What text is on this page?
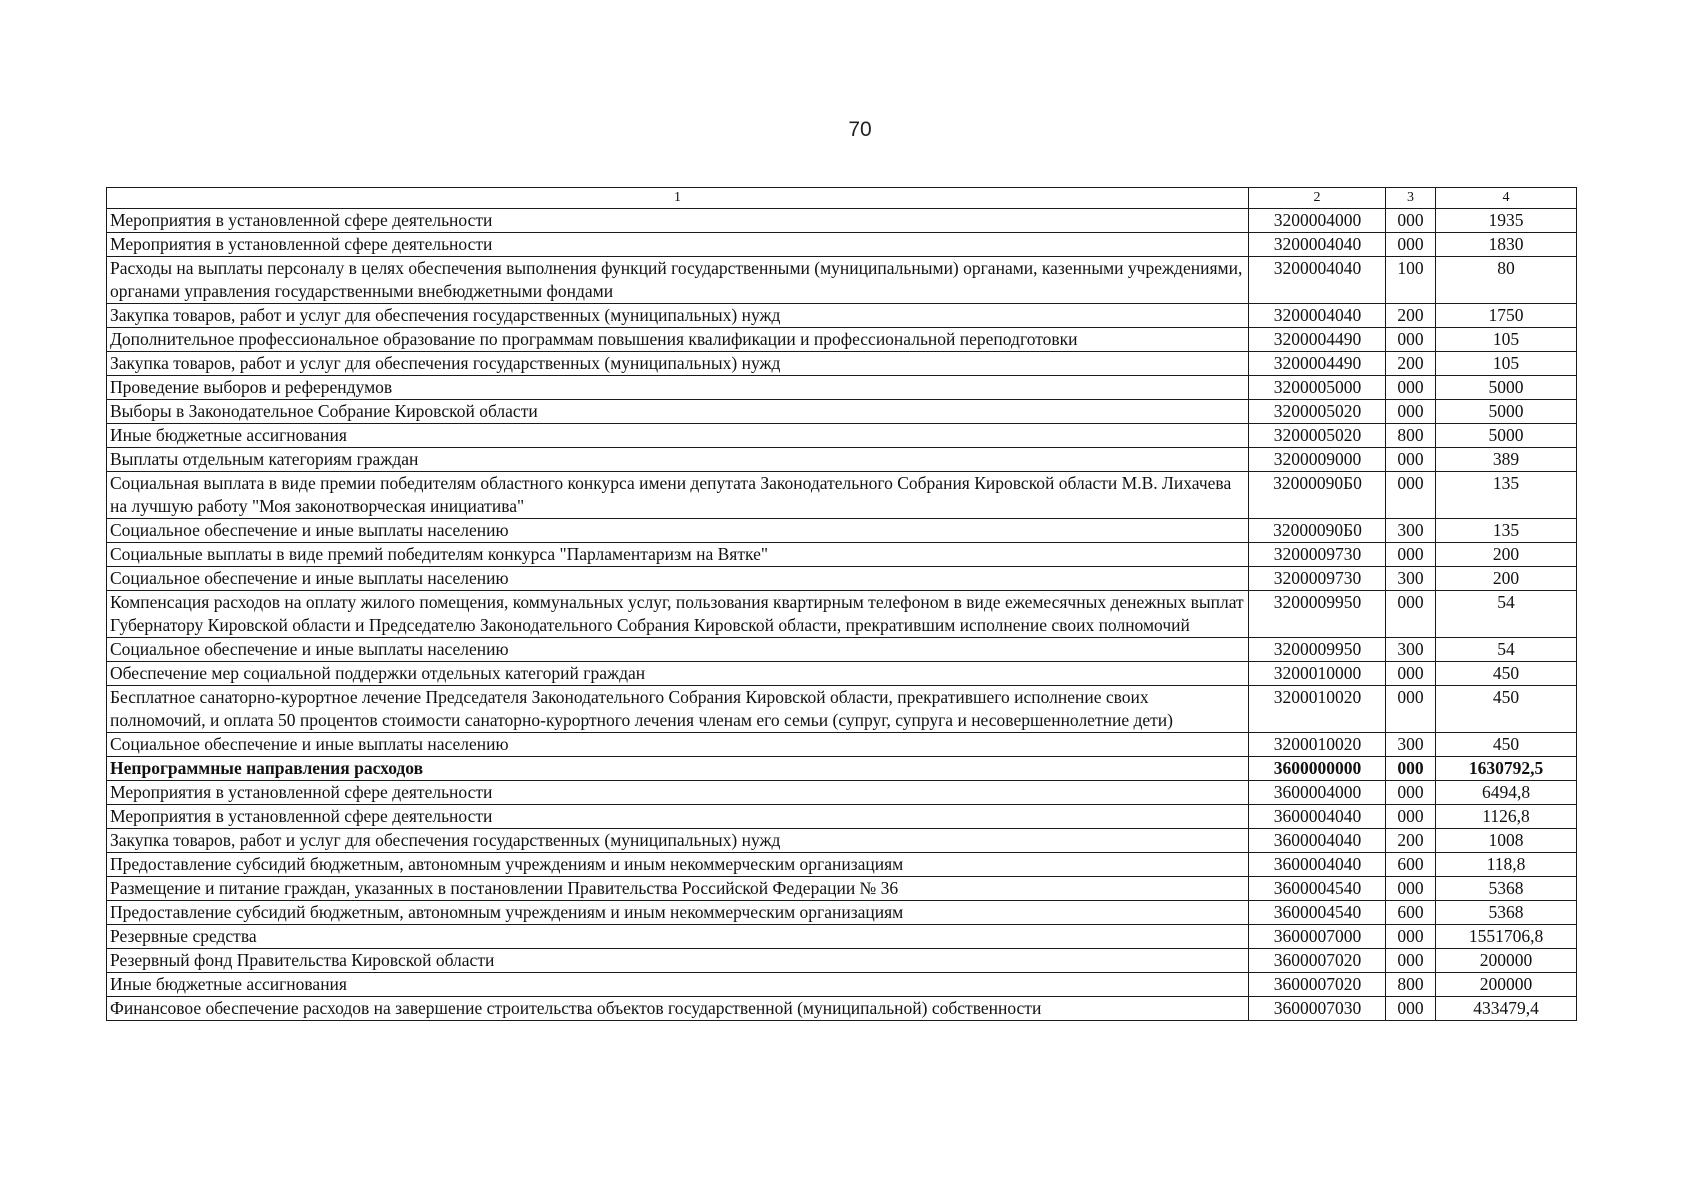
70
1	2	3	4
Мероприятия в установленной сфере деятельности	3200004000	000	1935
Мероприятия в установленной сфере деятельности	3200004040	000	1830
Расходы на выплаты персоналу в целях обеспечения выполнения функций государственными (муниципальными) органами, казенными учреждениями, органами управления государственными внебюджетными фондами	3200004040	100	80
Закупка товаров, работ и услуг для обеспечения государственных (муниципальных) нужд	3200004040	200	1750
Дополнительное профессиональное образование по программам повышения квалификации и профессиональной переподготовки	3200004490	000	105
Закупка товаров, работ и услуг для обеспечения государственных (муниципальных) нужд	3200004490	200	105
Проведение выборов и референдумов	3200005000	000	5000
Выборы в Законодательное Собрание Кировской области	3200005020	000	5000
Иные бюджетные ассигнования	3200005020	800	5000
Выплаты отдельным категориям граждан	3200009000	000	389
Социальная выплата в виде премии победителям областного конкурса имени депутата Законодательного Собрания Кировской области М.В. Лихачева на лучшую работу "Моя законотворческая инициатива"	32000090Б0	000	135
Социальное обеспечение и иные выплаты населению	32000090Б0	300	135
Социальные выплаты в виде премий победителям конкурса "Парламентаризм на Вятке"	3200009730	000	200
Социальное обеспечение и иные выплаты населению	3200009730	300	200
Компенсация расходов на оплату жилого помещения, коммунальных услуг, пользования квартирным телефоном в виде ежемесячных денежных выплат Губернатору Кировской области и Председателю Законодательного Собрания Кировской области, прекратившим исполнение своих полномочий	3200009950	000	54
Социальное обеспечение и иные выплаты населению	3200009950	300	54
Обеспечение мер социальной поддержки отдельных категорий граждан	3200010000	000	450
Бесплатное санаторно-курортное лечение Председателя Законодательного Собрания Кировской области, прекратившего исполнение своих полномочий, и оплата 50 процентов стоимости санаторно-курортного лечения членам его семьи (супруг, супруга и несовершеннолетние дети)	3200010020	000	450
Социальное обеспечение и иные выплаты населению	3200010020	300	450
Непрограммные направления расходов	3600000000	000	1630792,5
Мероприятия в установленной сфере деятельности	3600004000	000	6494,8
Мероприятия в установленной сфере деятельности	3600004040	000	1126,8
Закупка товаров, работ и услуг для обеспечения государственных (муниципальных) нужд	3600004040	200	1008
Предоставление субсидий бюджетным, автономным учреждениям и иным некоммерческим организациям	3600004040	600	118,8
Размещение и питание граждан, указанных в постановлении Правительства Российской Федерации № 36	3600004540	000	5368
Предоставление субсидий бюджетным, автономным учреждениям и иным некоммерческим организациям	3600004540	600	5368
Резервные средства	3600007000	000	1551706,8
Резервный фонд Правительства Кировской области	3600007020	000	200000
Иные бюджетные ассигнования	3600007020	800	200000
Финансовое обеспечение расходов на завершение строительства объектов государственной (муниципальной) собственности	3600007030	000	433479,4
